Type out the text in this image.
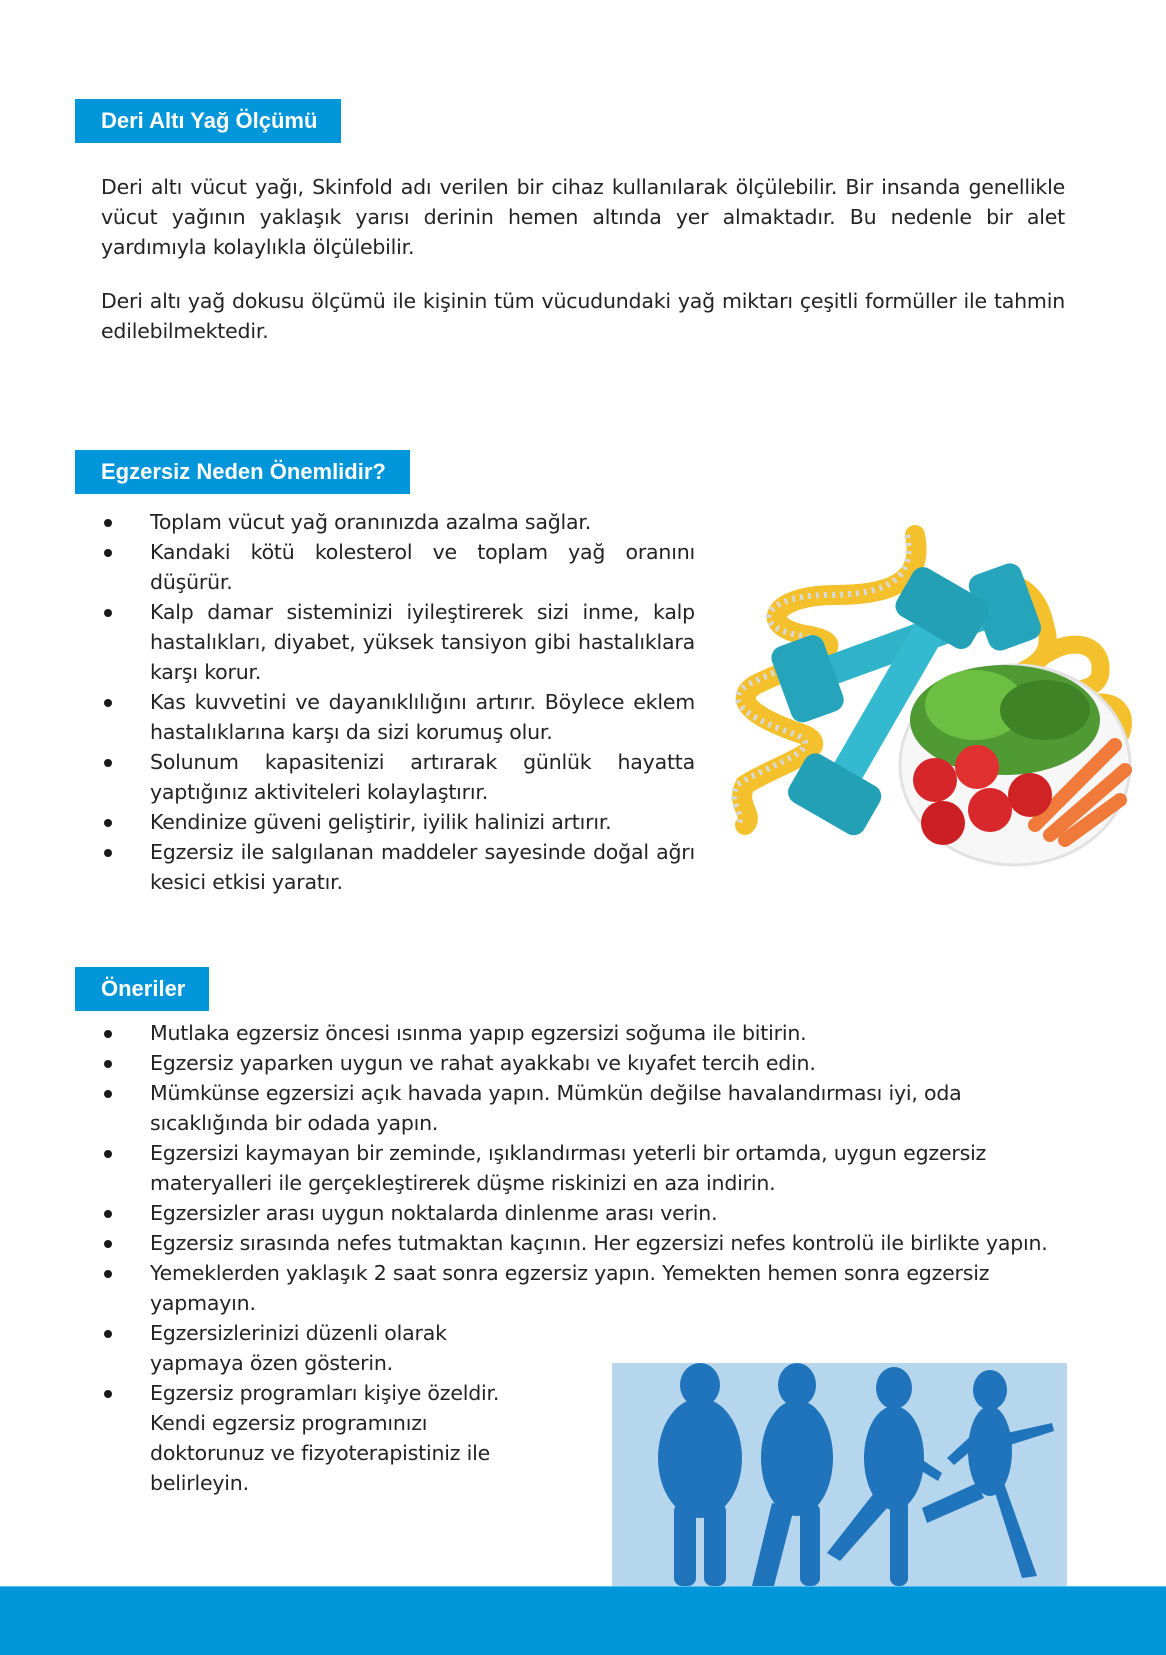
Deri Altı Yağ Ölçümü

Deri altı vücut yağı, Skinfold adı verilen bir cihaz kullanılarak ölçülebilir. Bir insanda genellikle vücut yağının yaklaşık yarısı derinin hemen altında yer almaktadır. Bu nedenle bir alet yardımıyla kolaylıkla ölçülebilir.

Deri altı yağ dokusu ölçümü ile kişinin tüm vücudundaki yağ miktarı çeşitli formüller ile tahmin edilebilmektedir.

Egzersiz Neden Önemlidir?
Toplam vücut yağ oranınızda azalma sağlar.
Kandaki kötü kolesterol ve toplam yağ oranını düşürür.
Kalp damar sisteminizi iyileştirerek sizi inme, kalp hastalıkları, diyabet, yüksek tansiyon gibi hastalıklara karşı korur.
Kas kuvvetini ve dayanıklılığını artırır. Böylece eklem hastalıklarına karşı da sizi korumuş olur.
Solunum kapasitenizi artırarak günlük hayatta yaptığınız aktiviteleri kolaylaştırır.
Kendinize güveni geliştirir, iyilik halinizi artırır.
Egzersiz ile salgılanan maddeler sayesinde doğal ağrı kesici etkisi yaratır.
Öneriler
Mutlaka egzersiz öncesi ısınma yapıp egzersizi soğuma ile bitirin.
Egzersiz yaparken uygun ve rahat ayakkabı ve kıyafet tercih edin.
Mümkünse egzersizi açık havada yapın. Mümkün değilse havalandırması iyi, oda sıcaklığında bir odada yapın.
Egzersizi kaymayan bir zeminde, ışıklandırması yeterli bir ortamda, uygun egzersiz materyalleri ile gerçekleştirerek düşme riskinizi en aza indirin.
Egzersizler arası uygun noktalarda dinlenme arası verin.
Egzersiz sırasında nefes tutmaktan kaçının. Her egzersizi nefes kontrolü ile birlikte yapın.
Yemeklerden yaklaşık 2 saat sonra egzersiz yapın. Yemekten hemen sonra egzersiz yapmayın.
Egzersizlerinizi düzenli olarak
yapmaya özen gösterin.
Egzersiz programları kişiye özeldir.
Kendi egzersiz programınızı
doktorunuz ve fizyoterapistiniz ile
belirleyin.
